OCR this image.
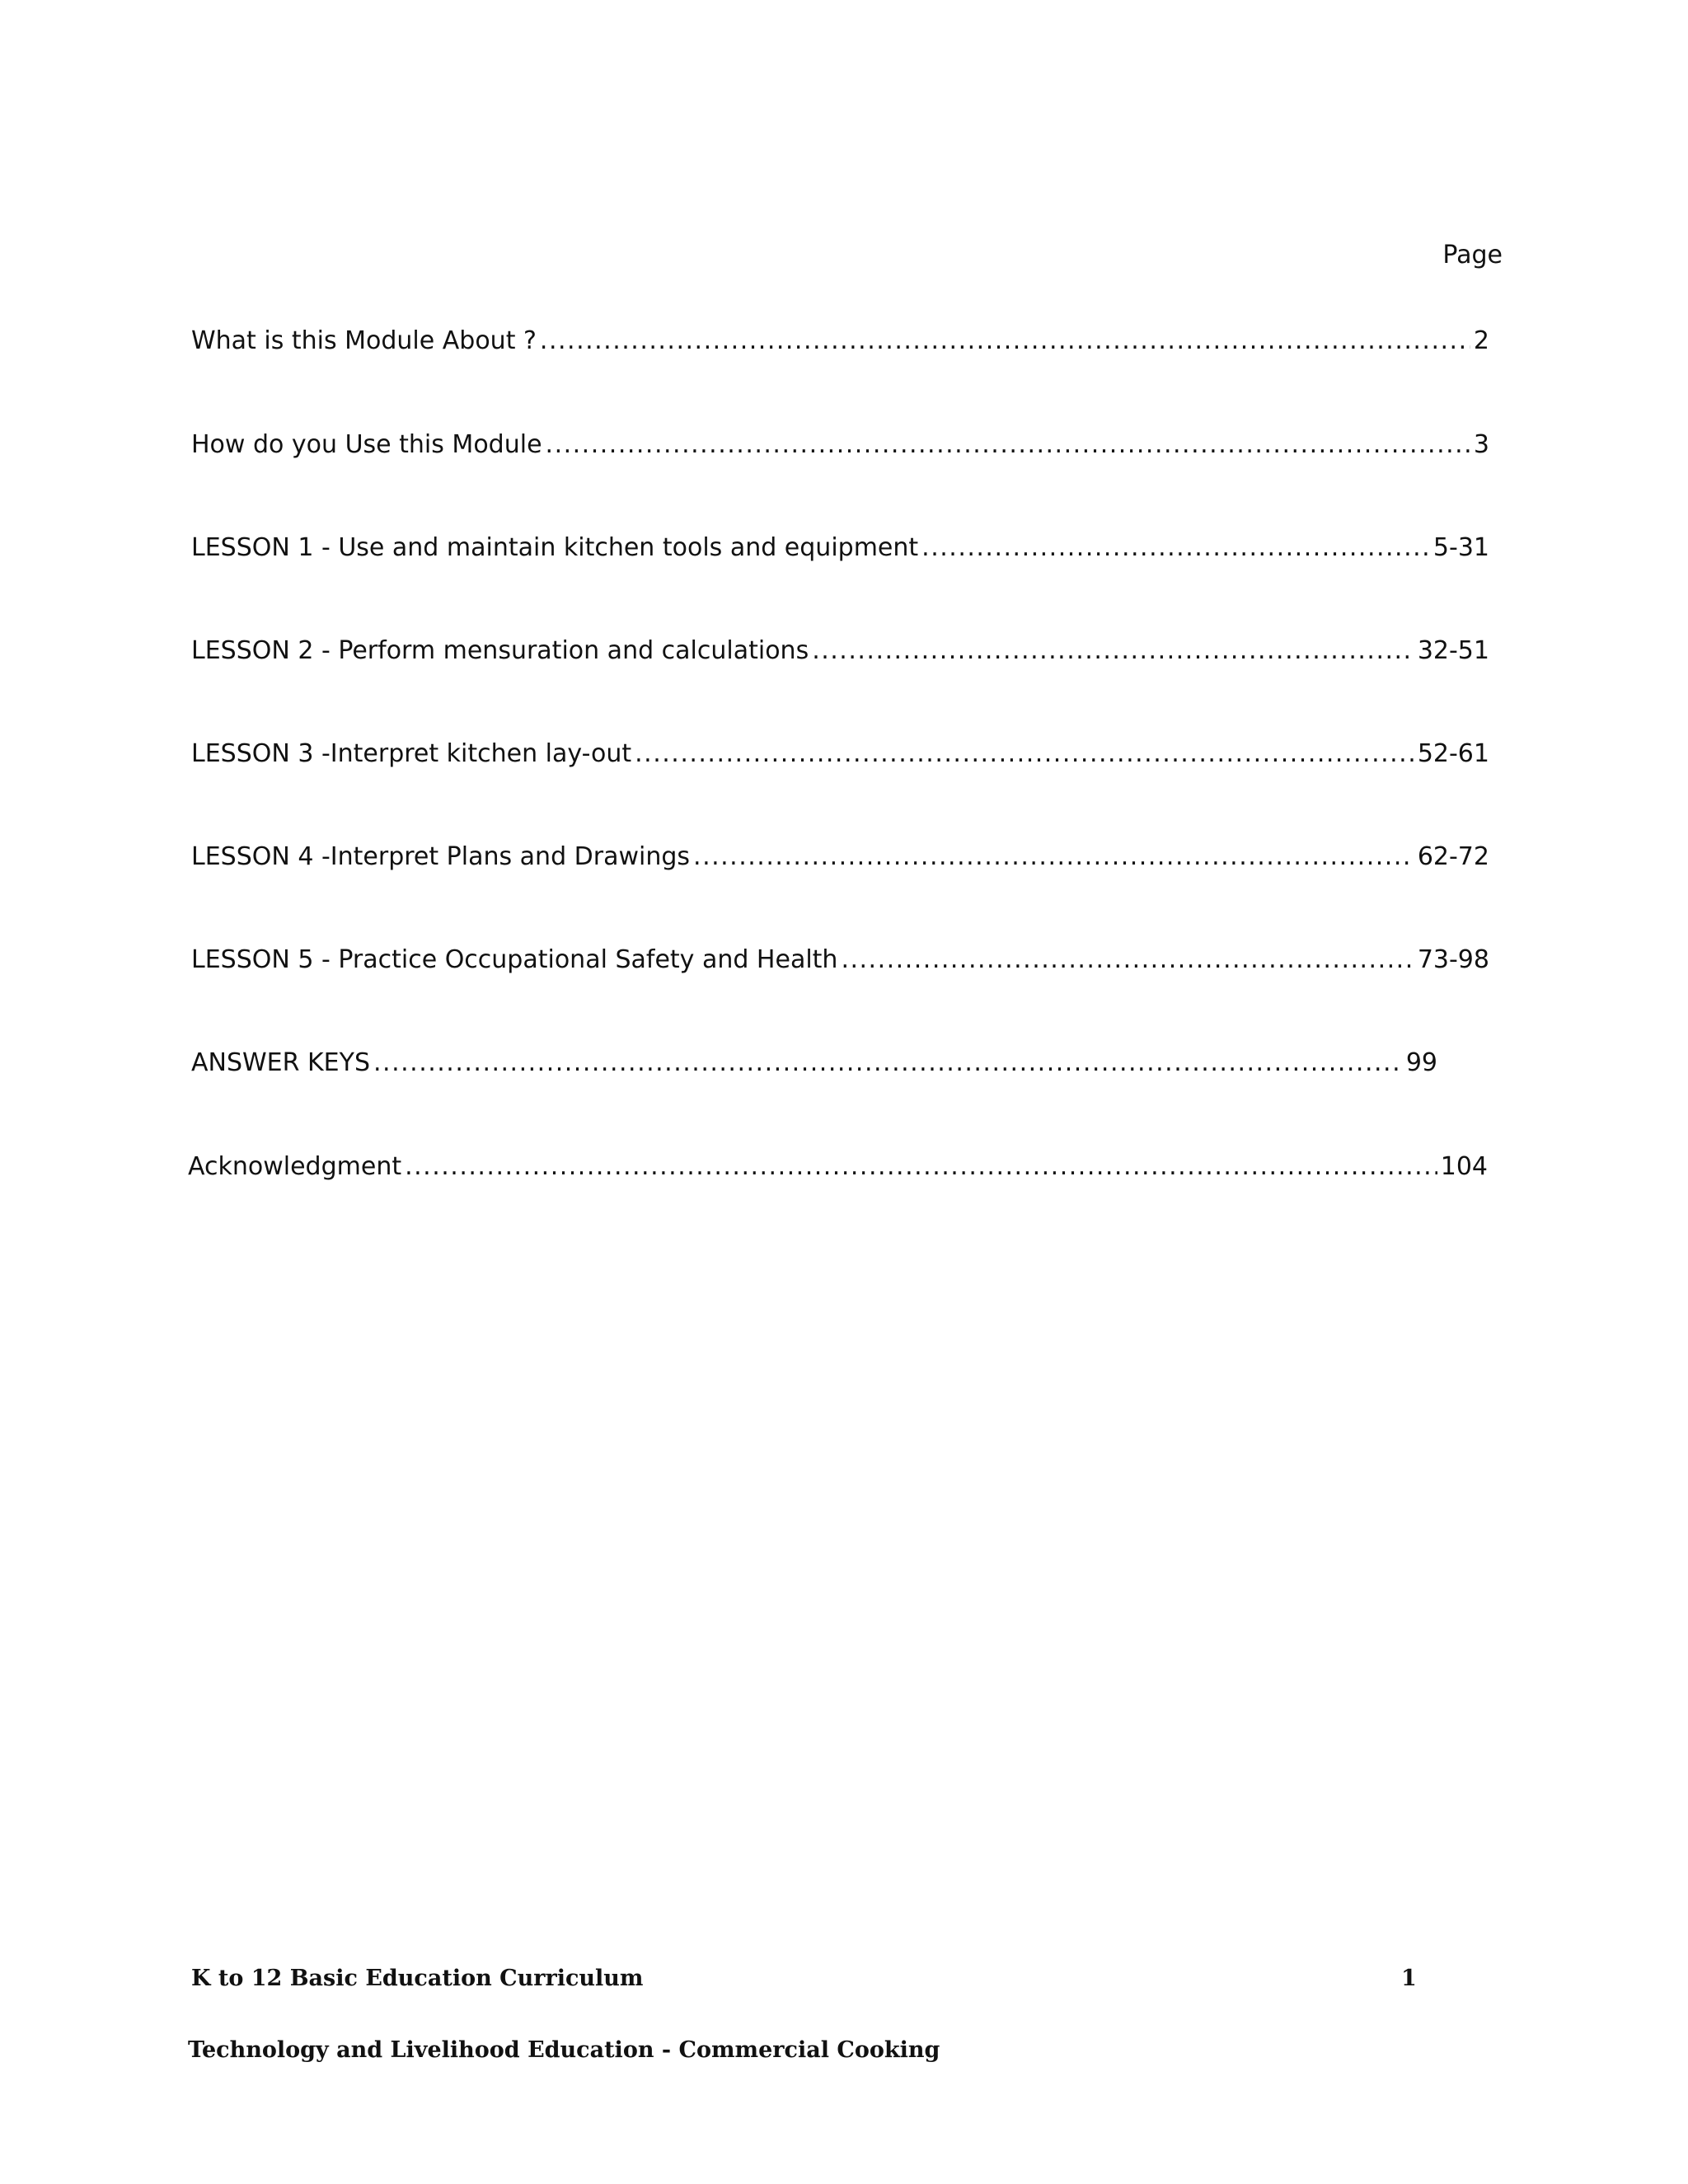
Page
What is this Module About ? .....	2
How do you Use this Module .....	3
LESSON 1 - Use and maintain kitchen tools and equipment .....	5-31
LESSON 2 - Perform mensuration and calculations .....	32-51
LESSON 3 -Interpret kitchen lay-out .....	52-61
LESSON 4 -Interpret Plans and Drawings .....	62-72
LESSON 5 - Practice Occupational Safety and Health .....	73-98
ANSWER KEYS .....	99
Acknowledgment .....	104
K to 12 Basic Education Curriculum	1
Technology and Livelihood Education - Commercial Cooking
